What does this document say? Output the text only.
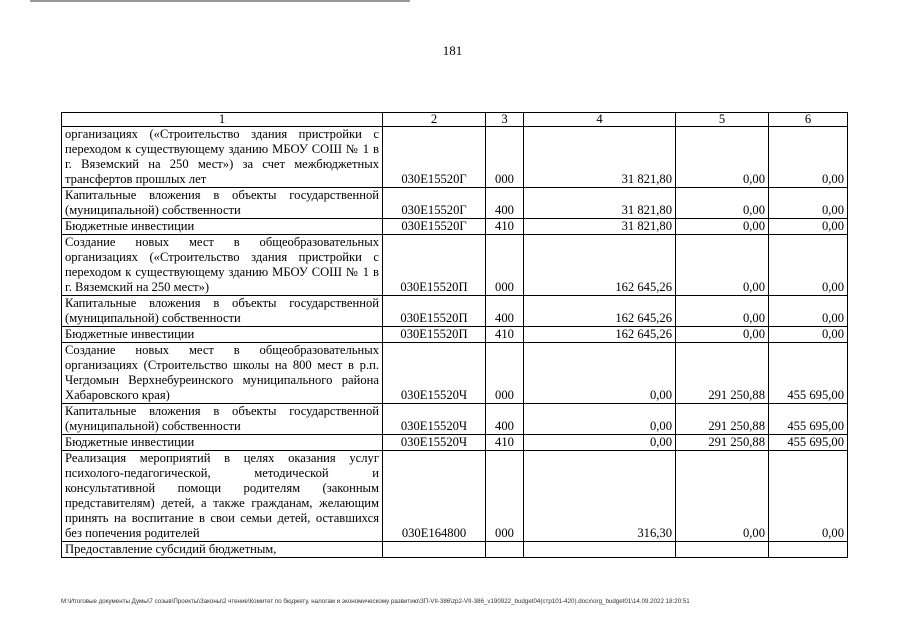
181
1	2	3	4	5	6
организациях («Строительство здания пристройки с переходом к существующему зданию МБОУ СОШ № 1 в г. Вяземский на 250 мест») за счет межбюджетных трансфертов прошлых лет	030Е15520Г	000	31 821,80	0,00	0,00
Капитальные вложения в объекты государственной (муниципальной) собственности	030Е15520Г	400	31 821,80	0,00	0,00
Бюджетные инвестиции	030Е15520Г	410	31 821,80	0,00	0,00
Создание новых мест в общеобразовательных организациях («Строительство здания пристройки с переходом к существующему зданию МБОУ СОШ № 1 в г. Вяземский на 250 мест»)	030Е15520П	000	162 645,26	0,00	0,00
Капитальные вложения в объекты государственной (муниципальной) собственности	030Е15520П	400	162 645,26	0,00	0,00
Бюджетные инвестиции	030Е15520П	410	162 645,26	0,00	0,00
Создание новых мест в общеобразовательных организациях (Строительство школы на 800 мест в р.п. Чегдомын Верхнебуреинского муниципального района Хабаровского края)	030Е15520Ч	000	0,00	291 250,88	455 695,00
Капитальные вложения в объекты государственной (муниципальной) собственности	030Е15520Ч	400	0,00	291 250,88	455 695,00
Бюджетные инвестиции	030Е15520Ч	410	0,00	291 250,88	455 695,00
Реализация мероприятий в целях оказания услуг психолого-педагогической, методической и консультативной помощи родителям (законным представителям) детей, а также гражданам, желающим принять на воспитание в свои семьи детей, оставшихся без попечения родителей	030Е164800	000	316,30	0,00	0,00
Предоставление субсидий бюджетным,					
M:\Итоговые документы Думы\7 созыв\Проекты\Законы\2 чтение\Комитет по бюджету, налогам и экономическому развитию\ЗП-VII-386\zp2-VII-386_v190922_budget04(стр101-420).docx\org_budget01\14.09.2022 18:20:51
